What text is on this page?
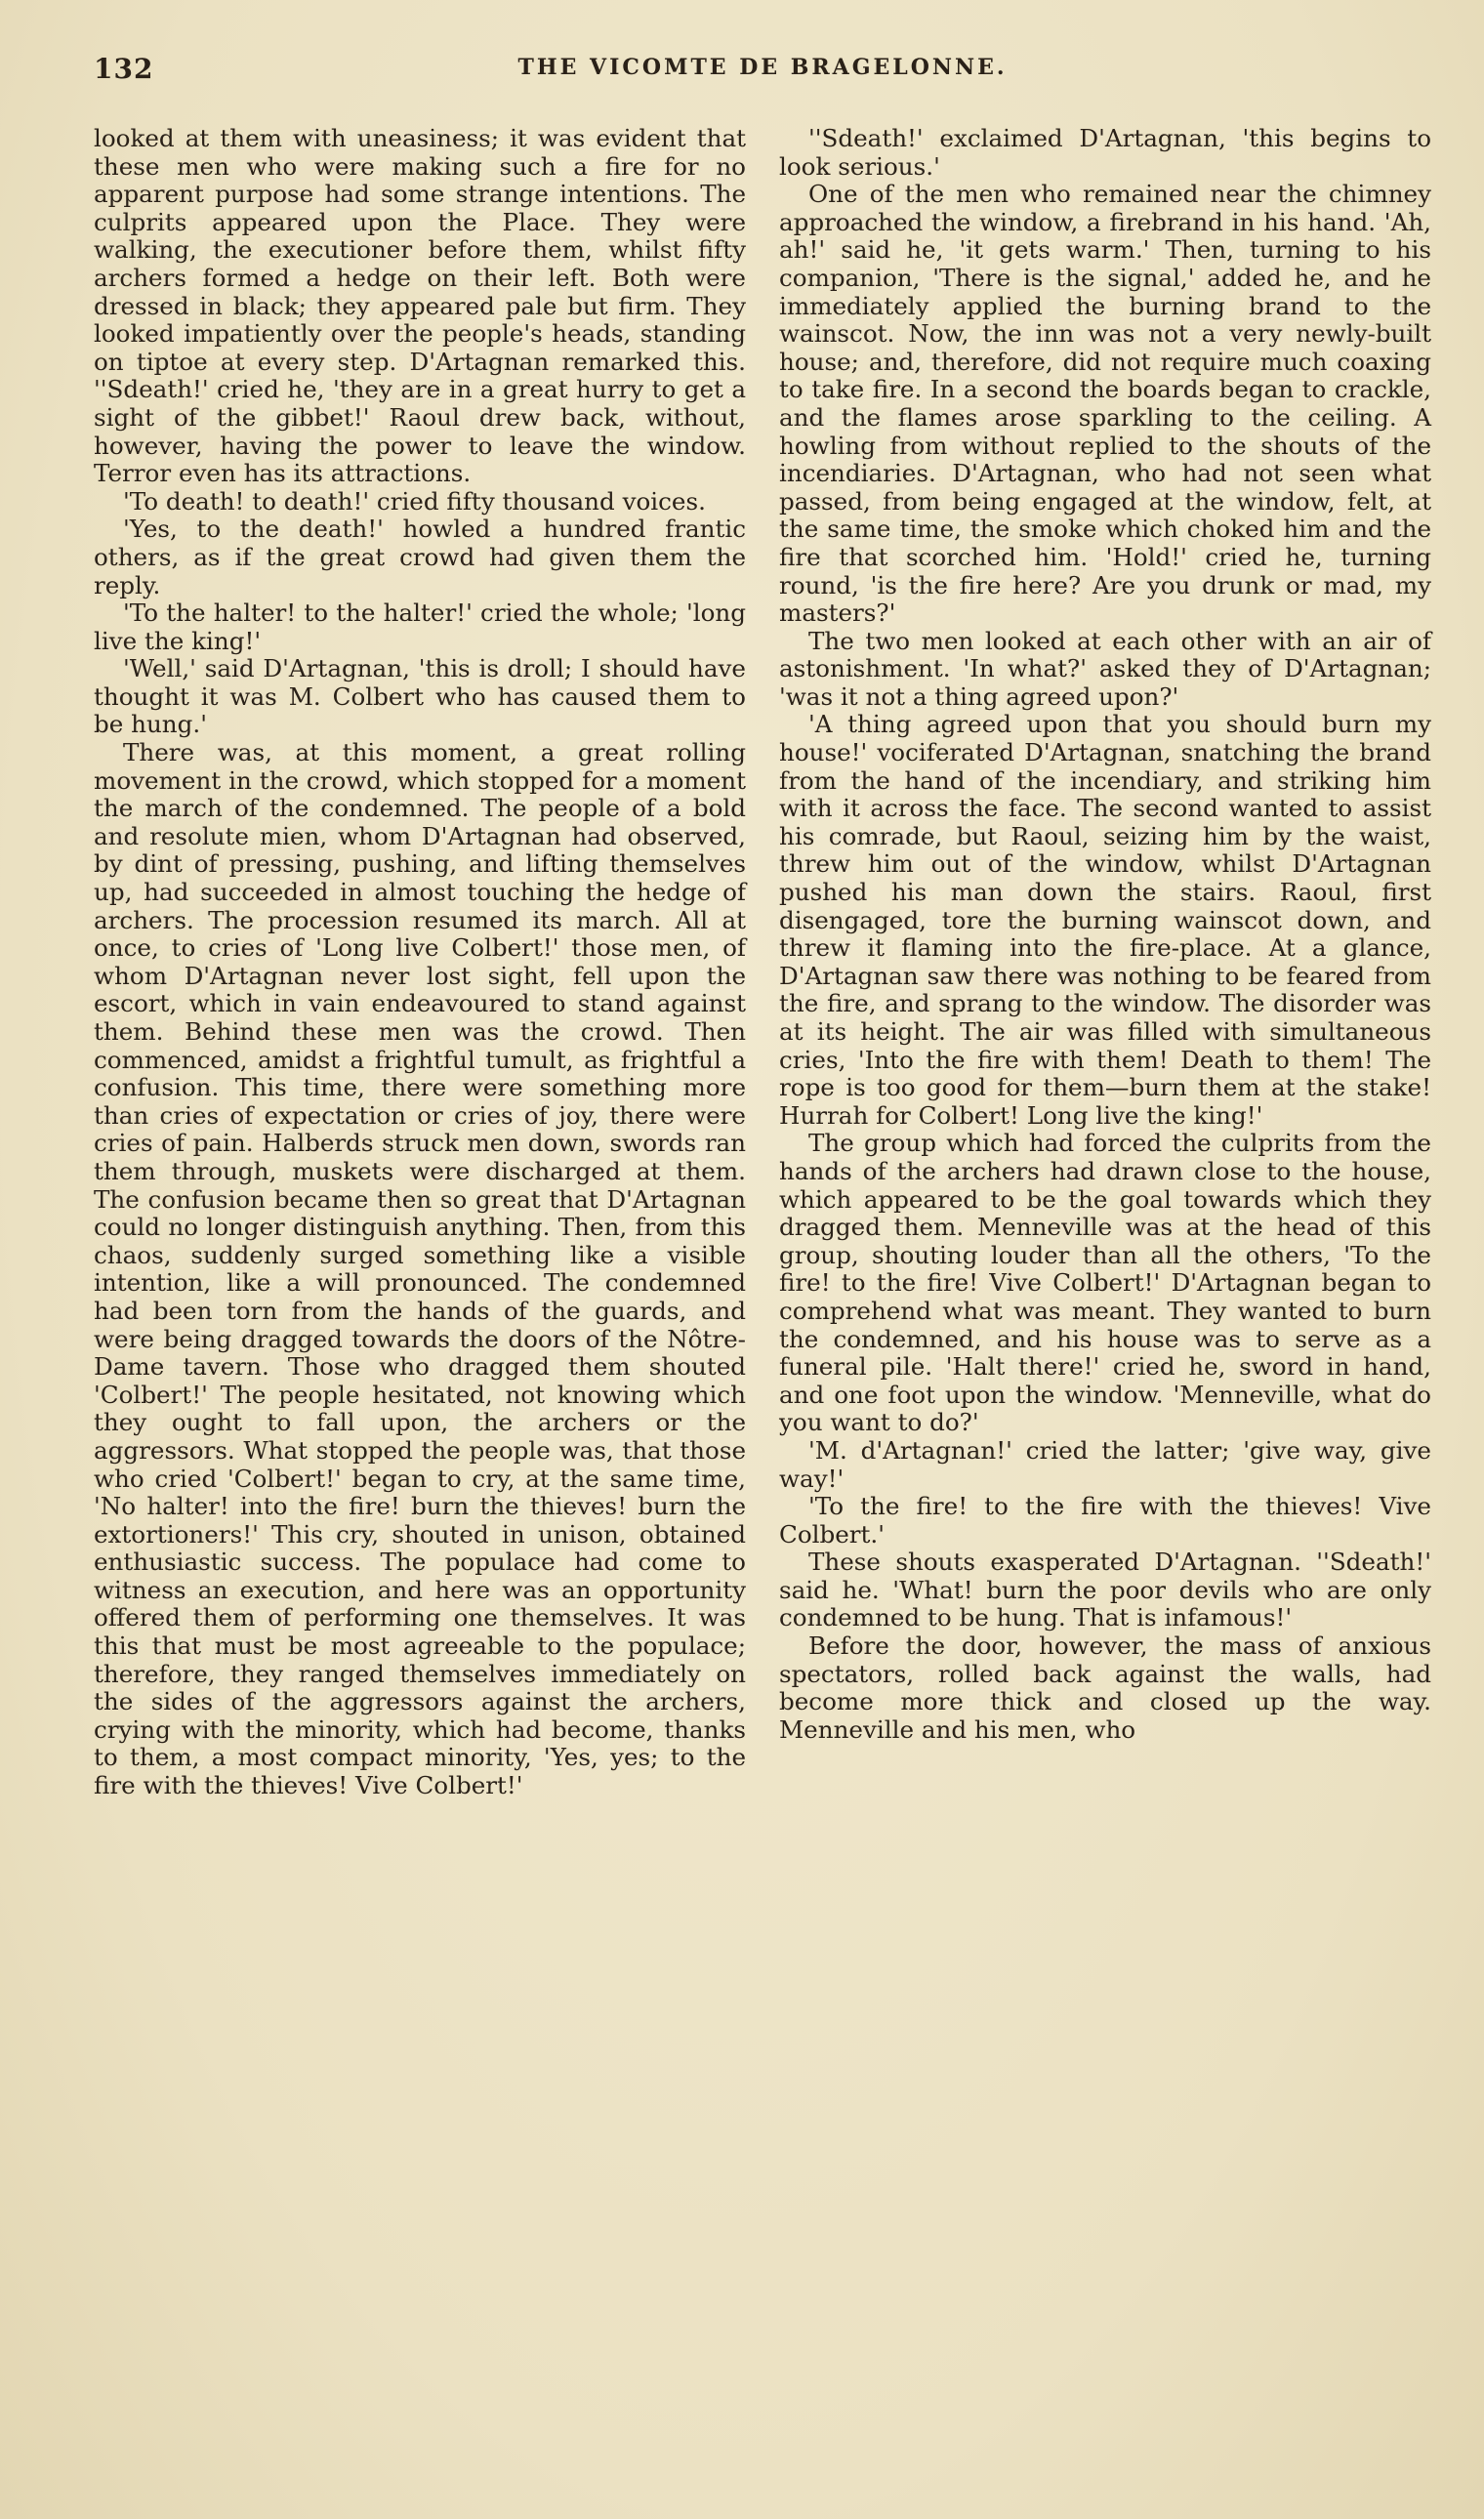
132	THE VICOMTE DE BRAGELONNE.

looked at them with uneasiness; it was evident that these men who were making such a fire for no apparent purpose had some strange intentions. The culprits appeared upon the Place. They were walking, the executioner before them, whilst fifty archers formed a hedge on their left. Both were dressed in black; they appeared pale but firm. They looked impatiently over the people's heads, standing on tiptoe at every step. D'Artagnan remarked this. ''Sdeath!' cried he, 'they are in a great hurry to get a sight of the gibbet!' Raoul drew back, without, however, having the power to leave the window. Terror even has its attractions.

'To death! to death!' cried fifty thousand voices.

'Yes, to the death!' howled a hundred frantic others, as if the great crowd had given them the reply.

'To the halter! to the halter!' cried the whole; 'long live the king!'

'Well,' said D'Artagnan, 'this is droll; I should have thought it was M. Colbert who has caused them to be hung.'

There was, at this moment, a great rolling movement in the crowd, which stopped for a moment the march of the condemned. The people of a bold and resolute mien, whom D'Artagnan had observed, by dint of pressing, pushing, and lifting themselves up, had succeeded in almost touching the hedge of archers. The procession resumed its march. All at once, to cries of 'Long live Colbert!' those men, of whom D'Artagnan never lost sight, fell upon the escort, which in vain endeavoured to stand against them. Behind these men was the crowd. Then commenced, amidst a frightful tumult, as frightful a confusion. This time, there were something more than cries of expectation or cries of joy, there were cries of pain. Halberds struck men down, swords ran them through, muskets were discharged at them. The confusion became then so great that D'Artagnan could no longer distinguish anything. Then, from this chaos, suddenly surged something like a visible intention, like a will pronounced. The condemned had been torn from the hands of the guards, and were being dragged towards the doors of the Nôtre-Dame tavern. Those who dragged them shouted 'Colbert!' The people hesitated, not knowing which they ought to fall upon, the archers or the aggressors. What stopped the people was, that those who cried 'Colbert!' began to cry, at the same time, 'No halter! into the fire! burn the thieves! burn the extortioners!' This cry, shouted in unison, obtained enthusiastic success. The populace had come to witness an execution, and here was an opportunity offered them of performing one themselves. It was this that must be most agreeable to the populace; therefore, they ranged themselves immediately on the sides of the aggressors against the archers, crying with the minority, which had become, thanks to them, a most compact minority, 'Yes, yes; to the fire with the thieves! Vive Colbert!'

''Sdeath!' exclaimed D'Artagnan, 'this begins to look serious.'

One of the men who remained near the chimney approached the window, a firebrand in his hand. 'Ah, ah!' said he, 'it gets warm.' Then, turning to his companion, 'There is the signal,' added he, and he immediately applied the burning brand to the wainscot. Now, the inn was not a very newly-built house; and, therefore, did not require much coaxing to take fire. In a second the boards began to crackle, and the flames arose sparkling to the ceiling. A howling from without replied to the shouts of the incendiaries. D'Artagnan, who had not seen what passed, from being engaged at the window, felt, at the same time, the smoke which choked him and the fire that scorched him. 'Hold!' cried he, turning round, 'is the fire here? Are you drunk or mad, my masters?'

The two men looked at each other with an air of astonishment. 'In what?' asked they of D'Artagnan; 'was it not a thing agreed upon?'

'A thing agreed upon that you should burn my house!' vociferated D'Artagnan, snatching the brand from the hand of the incendiary, and striking him with it across the face. The second wanted to assist his comrade, but Raoul, seizing him by the waist, threw him out of the window, whilst D'Artagnan pushed his man down the stairs. Raoul, first disengaged, tore the burning wainscot down, and threw it flaming into the fire-place. At a glance, D'Artagnan saw there was nothing to be feared from the fire, and sprang to the window. The disorder was at its height. The air was filled with simultaneous cries, 'Into the fire with them! Death to them! The rope is too good for them—burn them at the stake! Hurrah for Colbert! Long live the king!'

The group which had forced the culprits from the hands of the archers had drawn close to the house, which appeared to be the goal towards which they dragged them. Menneville was at the head of this group, shouting louder than all the others, 'To the fire! to the fire! Vive Colbert!' D'Artagnan began to comprehend what was meant. They wanted to burn the condemned, and his house was to serve as a funeral pile. 'Halt there!' cried he, sword in hand, and one foot upon the window. 'Menneville, what do you want to do?'

'M. d'Artagnan!' cried the latter; 'give way, give way!'

'To the fire! to the fire with the thieves! Vive Colbert.'

These shouts exasperated D'Artagnan. ''Sdeath!' said he. 'What! burn the poor devils who are only condemned to be hung. That is infamous!'

Before the door, however, the mass of anxious spectators, rolled back against the walls, had become more thick and closed up the way. Menneville and his men, who
